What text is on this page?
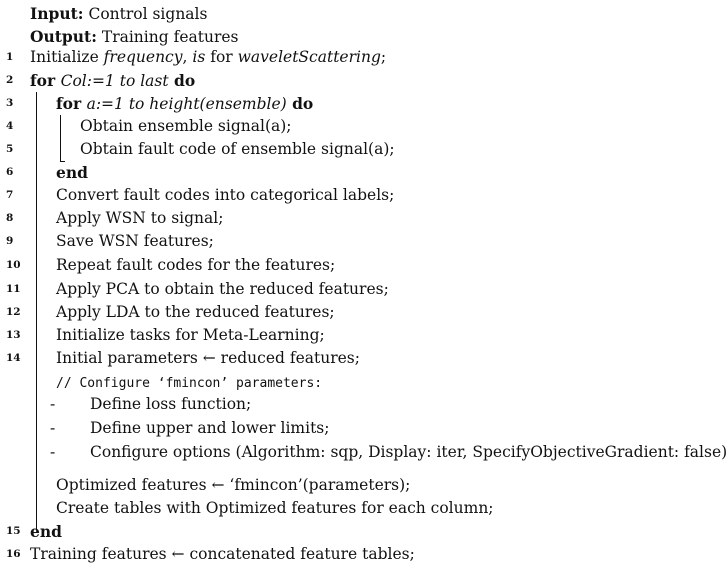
Input: Control signals
Output: Training features
1	Initialize frequency, is for waveletScattering;
2	for Col:=1 to last do
3	for a:=1 to height(ensemble) do
4	Obtain ensemble signal(a);
5	Obtain fault code of ensemble signal(a);
6	end
7	Convert fault codes into categorical labels;
8	Apply WSN to signal;
9	Save WSN features;
10 Repeat fault codes for the features;
11 Apply PCA to obtain the reduced features;
12 Apply LDA to the reduced features;
13 Initialize tasks for Meta-Learning;
14 Initial parameters ← reduced features;
// Configure ‘fmincon’ parameters:
- Define loss function;
- Define upper and lower limits;
- Configure options (Algorithm: sqp, Display: iter, SpecifyObjectiveGradient: false)
Optimized features ← ‘fmincon’(parameters);
Create tables with Optimized features for each column;
15 end
16 Training features ← concatenated feature tables;
